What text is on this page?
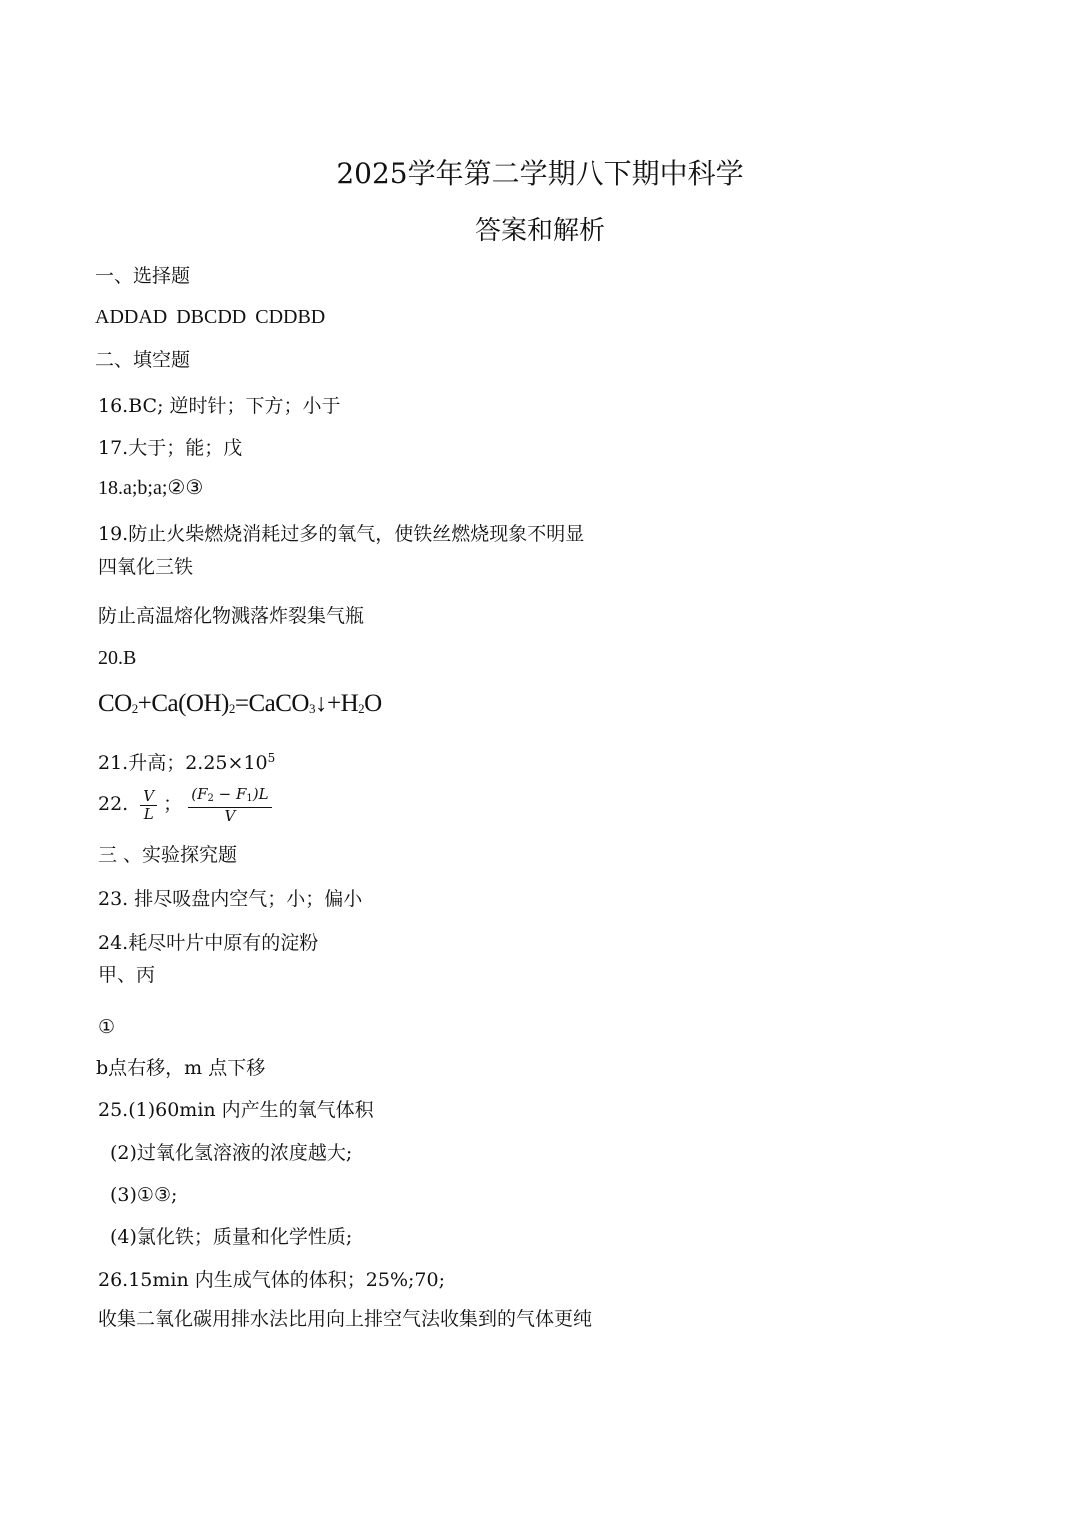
2025学年第二学期八下期中科学
答案和解析
一、选择题
ADDAD DBCDD CDDBD
二、填空题
16.BC; 逆时针；下方；小于
17.大于；能；戊
18.a;b;a;②③
19.防止火柴燃烧消耗过多的氧气，使铁丝燃烧现象不明显
四氧化三铁
防止高温熔化物溅落炸裂集气瓶
20.B
CO2+Ca(OH)2=CaCO3↓+H2O
21.升高；$2.25\times 10^5$
22. $\frac{V}{L}$ ； $\frac{(F2 - F1)L}{V}$
三 、实验探究题
23. 排尽吸盘内空气；小；偏小
24.耗尽叶片中原有的淀粉
甲、丙
①
b点右移，m 点下移
25.(1)60min 内产生的氧气体积
(2)过氧化氢溶液的浓度越大;
(3)①③;
(4)氯化铁；质量和化学性质;
26.15min 内生成气体的体积；25%;70;
收集二氧化碳用排水法比用向上排空气法收集到的气体更纯
